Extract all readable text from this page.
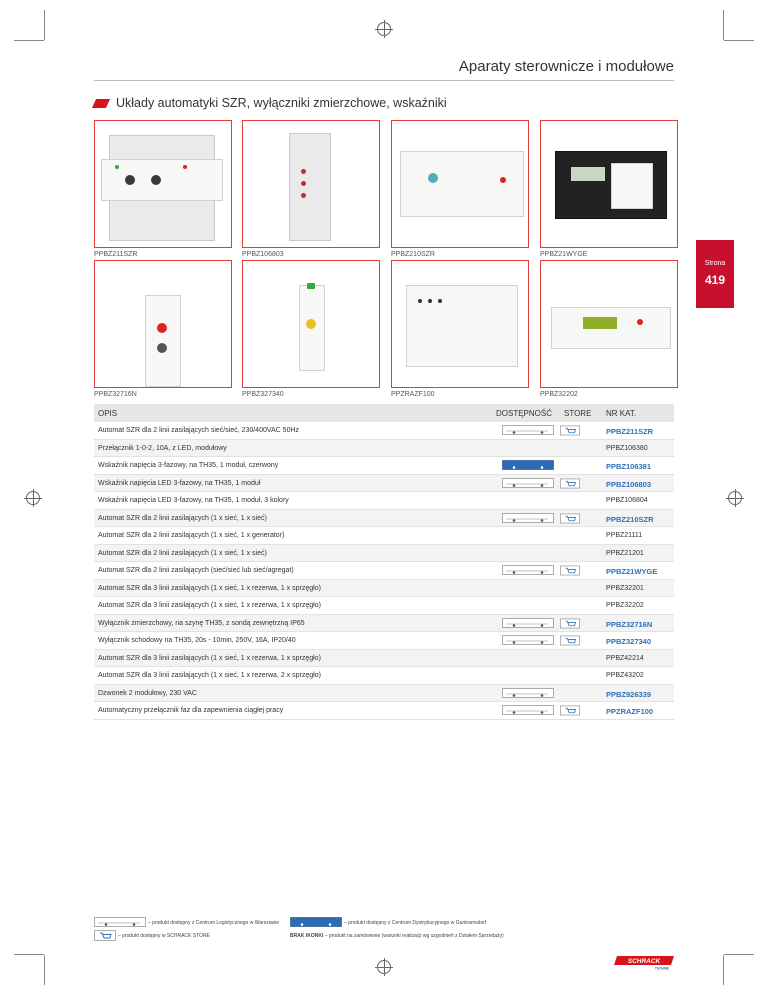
Aparaty sterownicze i modułowe
Układy automatyki SZR, wyłączniki zmierzchowe, wskaźniki
Strona
419
PPBZ211SZR	PPBZ106803	PPBZ210SZR	PPBZ21WYGE
PPBZ32716N	PPBZ327340	PPZRAZF100	PPBZ32202
OPIS	DOSTĘPNOŚĆ STORE NR KAT.
Automat SZR dla 2 linii zasilających sieć/sieć, 230/400VAC 50Hz	PPBZ211SZR
Przełącznik 1-0-2, 10A, z LED, modułowy	PPBZ106380
Wskaźnik napięcia 3-fazowy, na TH35, 1 moduł, czerwony	PPBZ106381
Wskaźnik napięcia LED 3-fazowy, na TH35, 1 moduł	PPBZ106803
Wskaźnik napięcia LED 3-fazowy, na TH35, 1 moduł, 3 kolory	PPBZ106804
Automat SZR dla 2 linii zasilających (1 x sieć, 1 x sieć)	PPBZ210SZR
Automat SZR dla 2 linii zasilających (1 x sieć, 1 x generator)	PPBZ21111
Automat SZR dla 2 linii zasilających (1 x sieć, 1 x sieć)	PPBZ21201
Automat SZR dla 2 linii zasilających (sieć/sieć lub sieć/agregat)	PPBZ21WYGE
Automat SZR dla 3 linii zasilających (1 x sieć, 1 x rezerwa, 1 x sprzęgło)	PPBZ32201
Automat SZR dla 3 linii zasilających (1 x sieć, 1 x rezerwa, 1 x sprzęgło)	PPBZ32202
Wyłącznik zmierzchowy, na szynę TH35, z sondą zewnętrzną IP65	PPBZ32716N
Wyłącznik schodowy na TH35, 20s - 10min, 250V, 16A, IP20/40	PPBZ327340
Automat SZR dla 3 linii zasilających (1 x sieć, 1 x rezerwa, 1 x sprzęgło)	PPBZ42214
Automat SZR dla 3 linii zasilających (1 x sieć, 1 x rezerwa, 2 x sprzęgło)	PPBZ43202
Dzwonek 2 modułowy, 230 VAC	PPBZ926339
Automatyczny przełącznik faz dla zapewnienia ciągłej pracy	PPZRAZF100
– produkt dostępny z Centrum Logistycznego w Warszawie	– produkt dostępny z Centrum Dystrybucyjnego w Guntramsdorf
– produkt dostępny w SCHRACK STORE	BRAK IKONKI – produkt na zamówienie (warunki realizacji wg uzgodnień z Działem Sprzedaży)
SCHRACK
TECHNIK
